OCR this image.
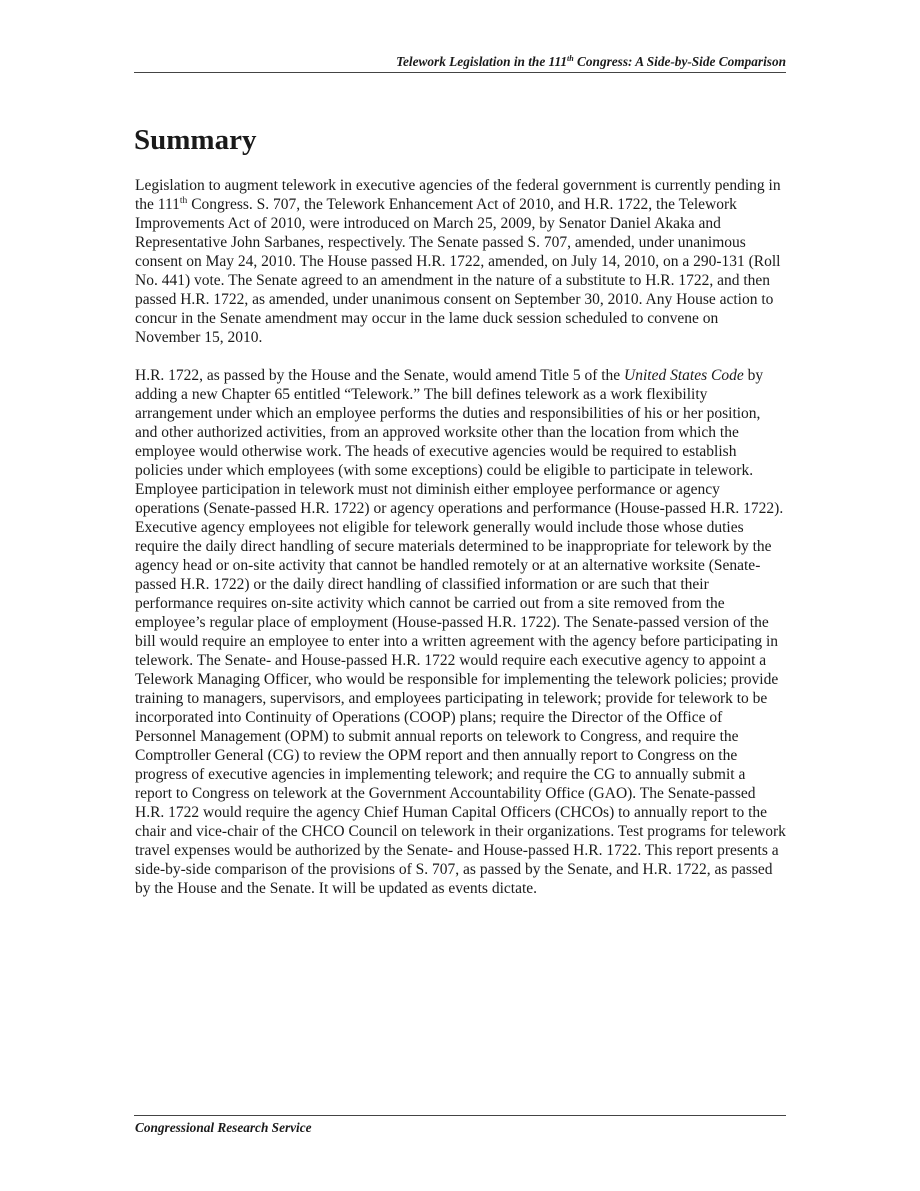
Telework Legislation in the 111th Congress: A Side-by-Side Comparison
Summary

Legislation to augment telework in executive agencies of the federal government is currently pending in the 111th Congress. S. 707, the Telework Enhancement Act of 2010, and H.R. 1722, the Telework Improvements Act of 2010, were introduced on March 25, 2009, by Senator Daniel Akaka and Representative John Sarbanes, respectively. The Senate passed S. 707, amended, under unanimous consent on May 24, 2010. The House passed H.R. 1722, amended, on July 14, 2010, on a 290-131 (Roll No. 441) vote. The Senate agreed to an amendment in the nature of a substitute to H.R. 1722, and then passed H.R. 1722, as amended, under unanimous consent on September 30, 2010. Any House action to concur in the Senate amendment may occur in the lame duck session scheduled to convene on November 15, 2010.

H.R. 1722, as passed by the House and the Senate, would amend Title 5 of the United States Code by adding a new Chapter 65 entitled “Telework.” The bill defines telework as a work flexibility arrangement under which an employee performs the duties and responsibilities of his or her position, and other authorized activities, from an approved worksite other than the location from which the employee would otherwise work. The heads of executive agencies would be required to establish policies under which employees (with some exceptions) could be eligible to participate in telework. Employee participation in telework must not diminish either employee performance or agency operations (Senate-passed H.R. 1722) or agency operations and performance (House-passed H.R. 1722). Executive agency employees not eligible for telework generally would include those whose duties require the daily direct handling of secure materials determined to be inappropriate for telework by the agency head or on-site activity that cannot be handled remotely or at an alternative worksite (Senate-passed H.R. 1722) or the daily direct handling of classified information or are such that their performance requires on-site activity which cannot be carried out from a site removed from the employee’s regular place of employment (House-passed H.R. 1722). The Senate-passed version of the bill would require an employee to enter into a written agreement with the agency before participating in telework. The Senate- and House-passed H.R. 1722 would require each executive agency to appoint a Telework Managing Officer, who would be responsible for implementing the telework policies; provide training to managers, supervisors, and employees participating in telework; provide for telework to be incorporated into Continuity of Operations (COOP) plans; require the Director of the Office of Personnel Management (OPM) to submit annual reports on telework to Congress, and require the Comptroller General (CG) to review the OPM report and then annually report to Congress on the progress of executive agencies in implementing telework; and require the CG to annually submit a report to Congress on telework at the Government Accountability Office (GAO). The Senate-passed H.R. 1722 would require the agency Chief Human Capital Officers (CHCOs) to annually report to the chair and vice-chair of the CHCO Council on telework in their organizations. Test programs for telework travel expenses would be authorized by the Senate- and House-passed H.R. 1722. This report presents a side-by-side comparison of the provisions of S. 707, as passed by the Senate, and H.R. 1722, as passed by the House and the Senate. It will be updated as events dictate.

Congressional Research Service
